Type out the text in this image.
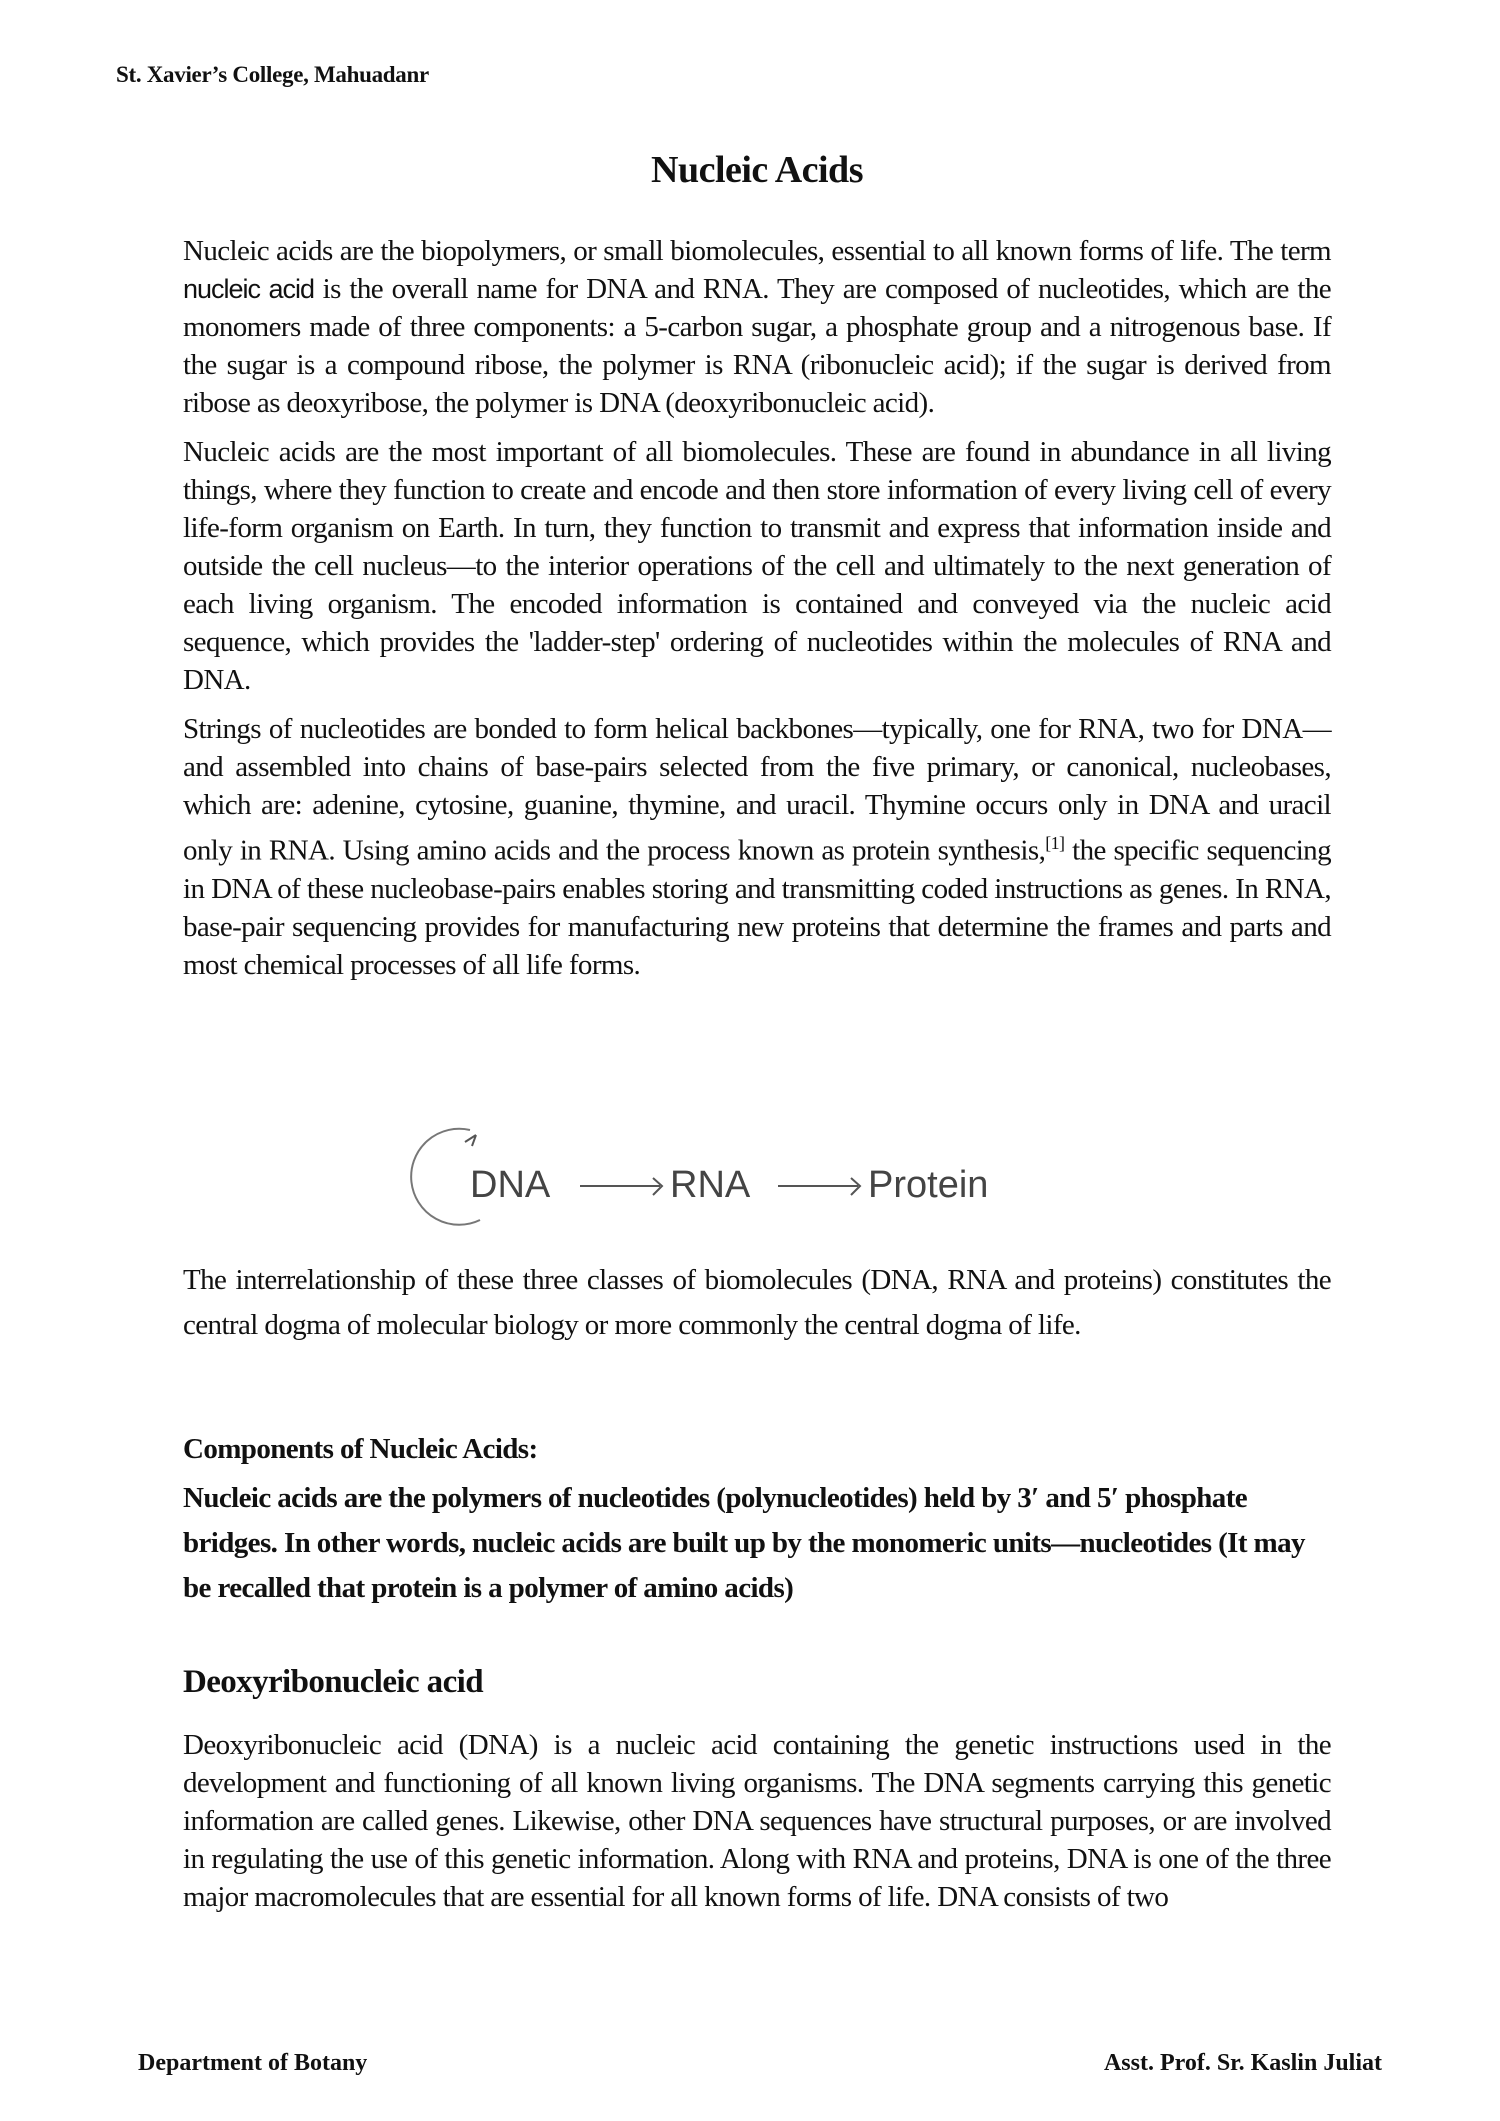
St. Xavier’s College, Mahuadanr
Nucleic Acids

Nucleic acids are the biopolymers, or small biomolecules, essential to all known forms of life. The term nucleic acid is the overall name for DNA and RNA. They are composed of nucleotides, which are the monomers made of three components: a 5-carbon sugar, a phosphate group and a nitrogenous base. If the sugar is a compound ribose, the polymer is RNA (ribonucleic acid); if the sugar is derived from ribose as deoxyribose, the polymer is DNA (deoxyribonucleic acid).

Nucleic acids are the most important of all biomolecules. These are found in abundance in all living things, where they function to create and encode and then store information of every living cell of every life-form organism on Earth. In turn, they function to transmit and express that information inside and outside the cell nucleus—to the interior operations of the cell and ultimately to the next generation of each living organism. The encoded information is contained and conveyed via the nucleic acid sequence, which provides the 'ladder-step' ordering of nucleotides within the molecules of RNA and DNA.

Strings of nucleotides are bonded to form helical backbones—typically, one for RNA, two for DNA—and assembled into chains of base-pairs selected from the five primary, or canonical, nucleobases, which are: adenine, cytosine, guanine, thymine, and uracil. Thymine occurs only in DNA and uracil only in RNA. Using amino acids and the process known as protein synthesis,[1] the specific sequencing in DNA of these nucleobase-pairs enables storing and transmitting coded instructions as genes. In RNA, base-pair sequencing provides for manufacturing new proteins that determine the frames and parts and most chemical processes of all life forms.

DNA	RNA	Protein
The interrelationship of these three classes of biomolecules (DNA, RNA and proteins) constitutes the central dogma of molecular biology or more commonly the central dogma of life.
Components of Nucleic Acids:
Nucleic acids are the polymers of nucleotides (polynucleotides) held by 3′ and 5′ phosphate bridges. In other words, nucleic acids are built up by the monomeric units—nucleotides (It may be recalled that protein is a polymer of amino acids)
Deoxyribonucleic acid
Deoxyribonucleic acid (DNA) is a nucleic acid containing the genetic instructions used in the development and functioning of all known living organisms. The DNA segments carrying this genetic information are called genes. Likewise, other DNA sequences have structural purposes, or are involved in regulating the use of this genetic information. Along with RNA and proteins, DNA is one of the three major macromolecules that are essential for all known forms of life. DNA consists of two
Department of Botany	Asst. Prof. Sr. Kaslin Juliat
